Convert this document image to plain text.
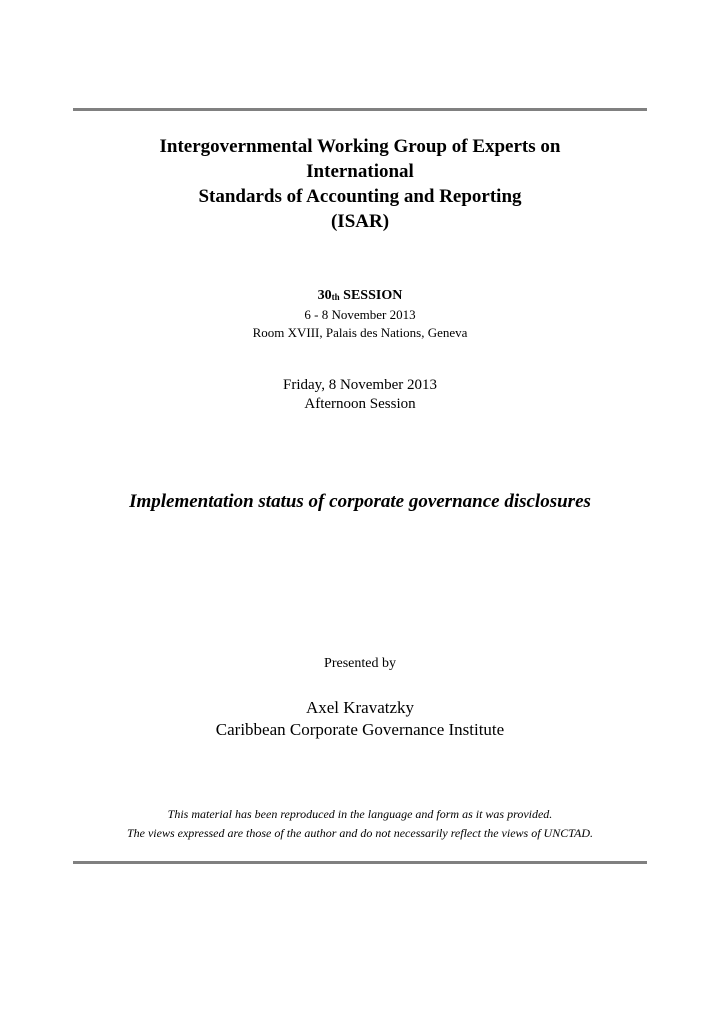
Intergovernmental Working Group of Experts on
International
Standards of Accounting and Reporting
(ISAR)
30th SESSION
6 - 8 November 2013
Room XVIII, Palais des Nations, Geneva
Friday, 8 November 2013
Afternoon Session
Implementation status of corporate governance disclosures
Presented by
Axel Kravatzky
Caribbean Corporate Governance Institute
This material has been reproduced in the language and form as it was provided.
The views expressed are those of the author and do not necessarily reflect the views of UNCTAD.
